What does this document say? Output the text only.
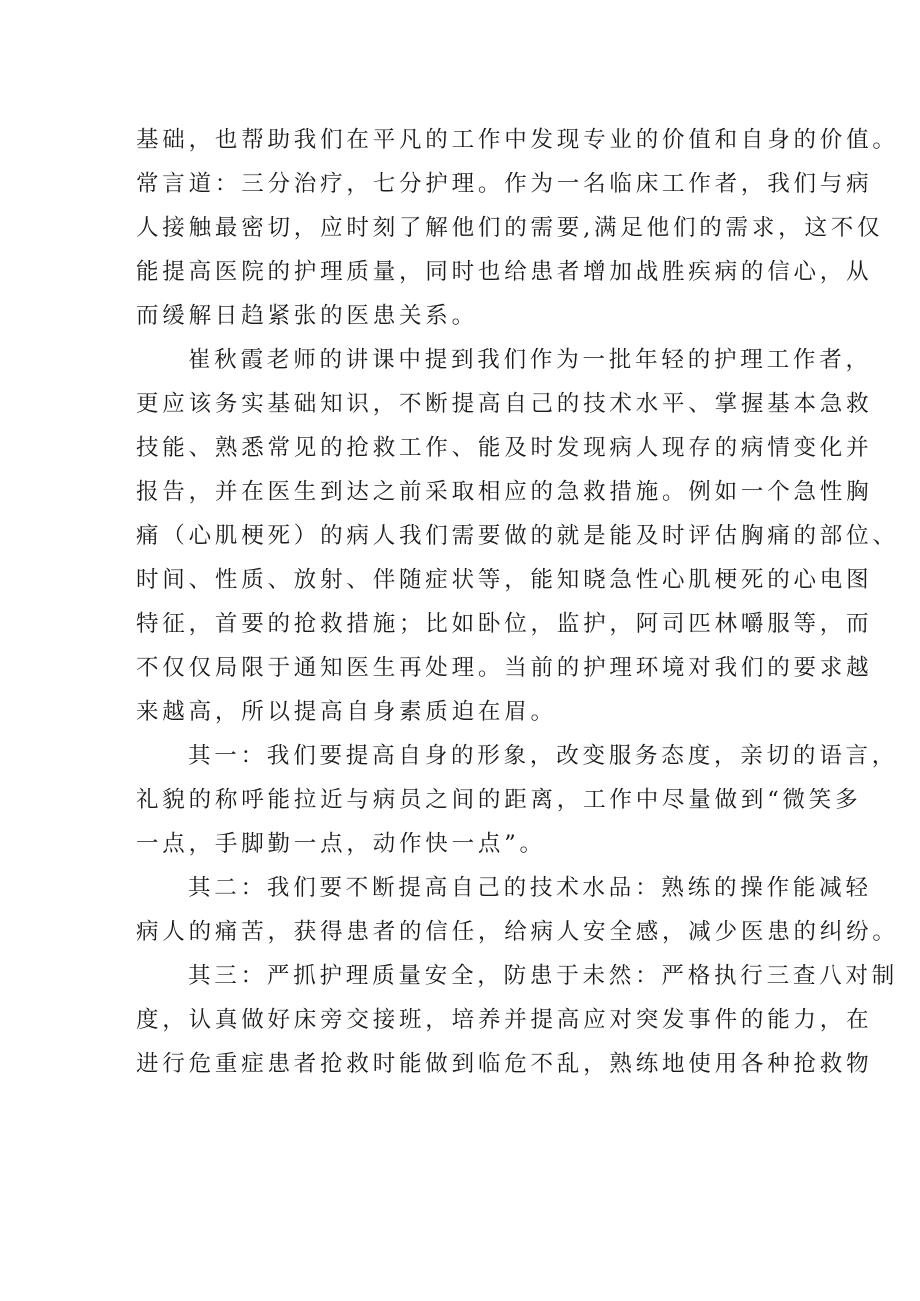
基础，也帮助我们在平凡的工作中发现专业的价值和自身的价值。
常言道：三分治疗，七分护理。作为一名临床工作者，我们与病
人接触最密切，应时刻了解他们的需要,满足他们的需求，这不仅
能提高医院的护理质量，同时也给患者增加战胜疾病的信心，从
而缓解日趋紧张的医患关系。
崔秋霞老师的讲课中提到我们作为一批年轻的护理工作者，
更应该务实基础知识，不断提高自己的技术水平、掌握基本急救
技能、熟悉常见的抢救工作、能及时发现病人现存的病情变化并
报告，并在医生到达之前采取相应的急救措施。例如一个急性胸
痛（心肌梗死）的病人我们需要做的就是能及时评估胸痛的部位、
时间、性质、放射、伴随症状等，能知晓急性心肌梗死的心电图
特征，首要的抢救措施；比如卧位，监护，阿司匹林嚼服等，而
不仅仅局限于通知医生再处理。当前的护理环境对我们的要求越
来越高，所以提高自身素质迫在眉。
其一：我们要提高自身的形象，改变服务态度，亲切的语言，
礼貌的称呼能拉近与病员之间的距离，工作中尽量做到“微笑多
一点，手脚勤一点，动作快一点”。
其二：我们要不断提高自己的技术水品：熟练的操作能减轻
病人的痛苦，获得患者的信任，给病人安全感，减少医患的纠纷。
其三：严抓护理质量安全，防患于未然：严格执行三查八对制
度，认真做好床旁交接班，培养并提高应对突发事件的能力，在
进行危重症患者抢救时能做到临危不乱，熟练地使用各种抢救物
